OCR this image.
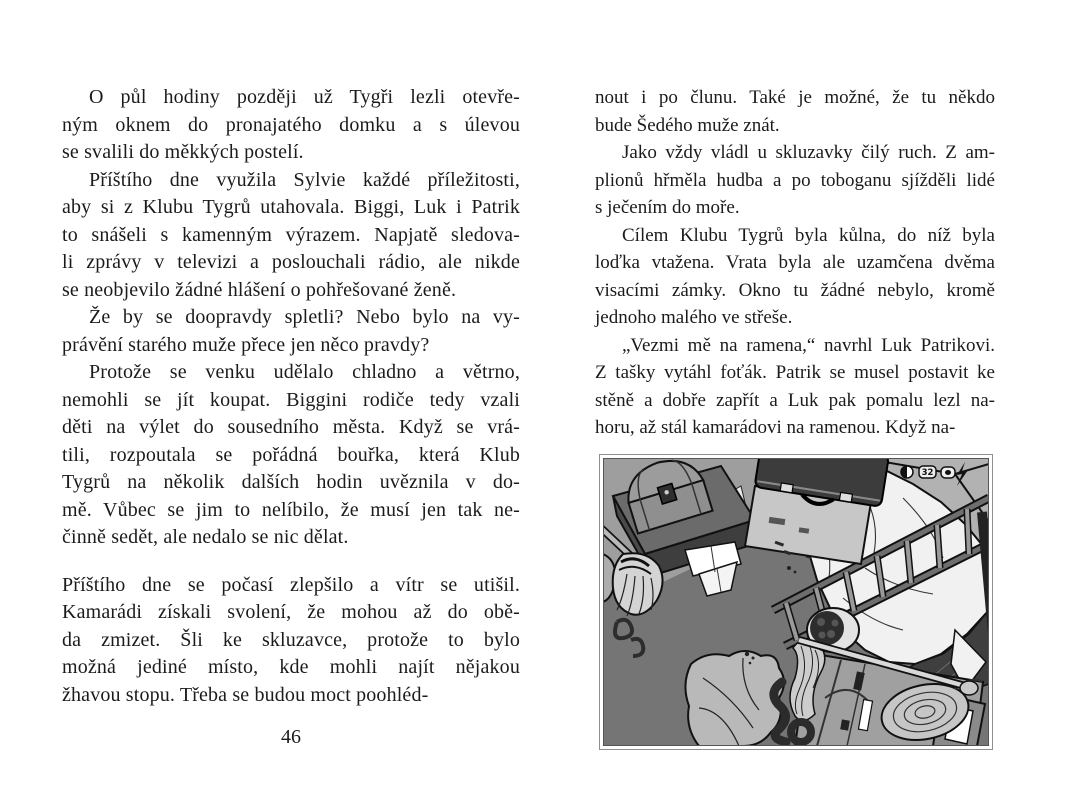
O půl hodiny později už Tygři lezli otevře-
ným oknem do pronajatého domku a s úlevou
se svalili do měkkých postelí.
Příštího dne využila Sylvie každé příležitosti,
aby si z Klubu Tygrů utahovala. Biggi, Luk i Patrik
to snášeli s kamenným výrazem. Napjatě sledova-
li zprávy v televizi a poslouchali rádio, ale nikde
se neobjevilo žádné hlášení o pohřešované ženě.
Že by se doopravdy spletli? Nebo bylo na vy-
právění starého muže přece jen něco pravdy?
Protože se venku udělalo chladno a větrno,
nemohli se jít koupat. Biggini rodiče tedy vzali
děti na výlet do sousedního města. Když se vrá-
tili, rozpoutala se pořádná bouřka, která Klub
Tygrů na několik dalších hodin uvěznila v do-
mě. Vůbec se jim to nelíbilo, že musí jen tak ne-
činně sedět, ale nedalo se nic dělat.
Příštího dne se počasí zlepšilo a vítr se utišil.
Kamarádi získali svolení, že mohou až do obě-
da zmizet. Šli ke skluzavce, protože to bylo
možná jediné místo, kde mohli najít nějakou
žhavou stopu. Třeba se budou moct poohléd-
46
nout i po člunu. Také je možné, že tu někdo
bude Šedého muže znát.
Jako vždy vládl u skluzavky čilý ruch. Z am-
plionů hřměla hudba a po toboganu sjížděli lidé
s ječením do moře.
Cílem Klubu Tygrů byla kůlna, do níž byla
loďka vtažena. Vrata byla ale uzamčena dvěma
visacími zámky. Okno tu žádné nebylo, kromě
jednoho malého ve střeše.
„Vezmi mě na ramena,“ navrhl Luk Patrikovi.
Z tašky vytáhl foťák. Patrik se musel postavit ke
stěně a dobře zapřít a Luk pak pomalu lezl na-
horu, až stál kamarádovi na ramenou. Když na-
32
